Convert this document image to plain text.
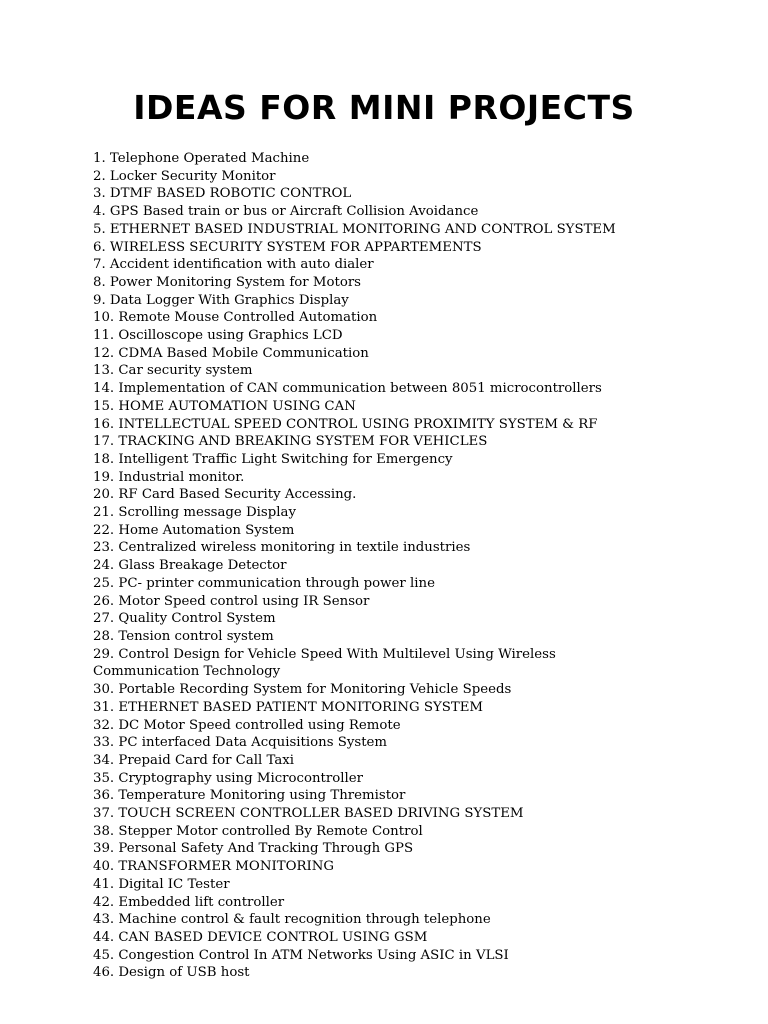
IDEAS FOR MINI PROJECTS
1. Telephone Operated Machine
2. Locker Security Monitor
3. DTMF BASED ROBOTIC CONTROL
4. GPS Based train or bus or Aircraft Collision Avoidance
5. ETHERNET BASED INDUSTRIAL MONITORING AND CONTROL SYSTEM
6. WIRELESS SECURITY SYSTEM FOR APPARTEMENTS
7. Accident identification with auto dialer
8. Power Monitoring System for Motors
9. Data Logger With Graphics Display
10. Remote Mouse Controlled Automation
11. Oscilloscope using Graphics LCD
12. CDMA Based Mobile Communication
13. Car security system
14. Implementation of CAN communication between 8051 microcontrollers
15. HOME AUTOMATION USING CAN
16. INTELLECTUAL SPEED CONTROL USING PROXIMITY SYSTEM & RF
17. TRACKING AND BREAKING SYSTEM FOR VEHICLES
18. Intelligent Traffic Light Switching for Emergency
19. Industrial monitor.
20. RF Card Based Security Accessing.
21. Scrolling message Display
22. Home Automation System
23. Centralized wireless monitoring in textile industries
24. Glass Breakage Detector
25. PC- printer communication through power line
26. Motor Speed control using IR Sensor
27. Quality Control System
28. Tension control system
29. Control Design for Vehicle Speed With Multilevel Using Wireless Communication Technology
30. Portable Recording System for Monitoring Vehicle Speeds
31. ETHERNET BASED PATIENT MONITORING SYSTEM
32. DC Motor Speed controlled using Remote
33. PC interfaced Data Acquisitions System
34. Prepaid Card for Call Taxi
35. Cryptography using Microcontroller
36. Temperature Monitoring using Thremistor
37. TOUCH SCREEN CONTROLLER BASED DRIVING SYSTEM
38. Stepper Motor controlled By Remote Control
39. Personal Safety And Tracking Through GPS
40. TRANSFORMER MONITORING
41. Digital IC Tester
42. Embedded lift controller
43. Machine control & fault recognition through telephone
44. CAN BASED DEVICE CONTROL USING GSM
45. Congestion Control In ATM Networks Using ASIC in VLSI
46. Design of USB host
